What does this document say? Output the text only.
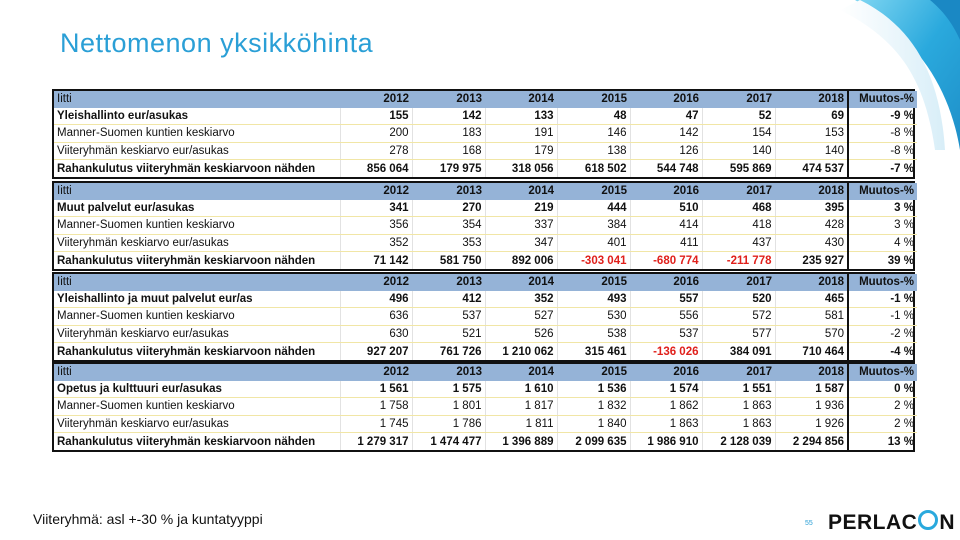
Nettomenon yksikköhinta
Iitti	2012	2013	2014	2015	2016	2017	2018	Muutos-%
Yleishallinto eur/asukas	155	142	133	48	47	52	69	-9 %
Manner-Suomen kuntien keskiarvo	200	183	191	146	142	154	153	-8 %
Viiteryhmän keskiarvo eur/asukas	278	168	179	138	126	140	140	-8 %
Rahankulutus viiteryhmän keskiarvoon nähden	856 064	179 975	318 056	618 502	544 748	595 869	474 537	-7 %
Iitti	2012	2013	2014	2015	2016	2017	2018	Muutos-%
Muut palvelut eur/asukas	341	270	219	444	510	468	395	3 %
Manner-Suomen kuntien keskiarvo	356	354	337	384	414	418	428	3 %
Viiteryhmän keskiarvo eur/asukas	352	353	347	401	411	437	430	4 %
Rahankulutus viiteryhmän keskiarvoon nähden	71 142	581 750	892 006	-303 041	-680 774	-211 778	235 927	39 %
Iitti	2012	2013	2014	2015	2016	2017	2018	Muutos-%
Yleishallinto ja muut palvelut eur/as	496	412	352	493	557	520	465	-1 %
Manner-Suomen kuntien keskiarvo	636	537	527	530	556	572	581	-1 %
Viiteryhmän keskiarvo eur/asukas	630	521	526	538	537	577	570	-2 %
Rahankulutus viiteryhmän keskiarvoon nähden	927 207	761 726	1 210 062	315 461	-136 026	384 091	710 464	-4 %
Iitti	2012	2013	2014	2015	2016	2017	2018	Muutos-%
Opetus ja kulttuuri eur/asukas	1 561	1 575	1 610	1 536	1 574	1 551	1 587	0 %
Manner-Suomen kuntien keskiarvo	1 758	1 801	1 817	1 832	1 862	1 863	1 936	2 %
Viiteryhmän keskiarvo eur/asukas	1 745	1 786	1 811	1 840	1 863	1 863	1 926	2 %
Rahankulutus viiteryhmän keskiarvoon nähden	1 279 317	1 474 477	1 396 889	2 099 635	1 986 910	2 128 039	2 294 856	13 %
Viiteryhmä: asl +-30 % ja kuntatyyppi	55 PERLAC N
